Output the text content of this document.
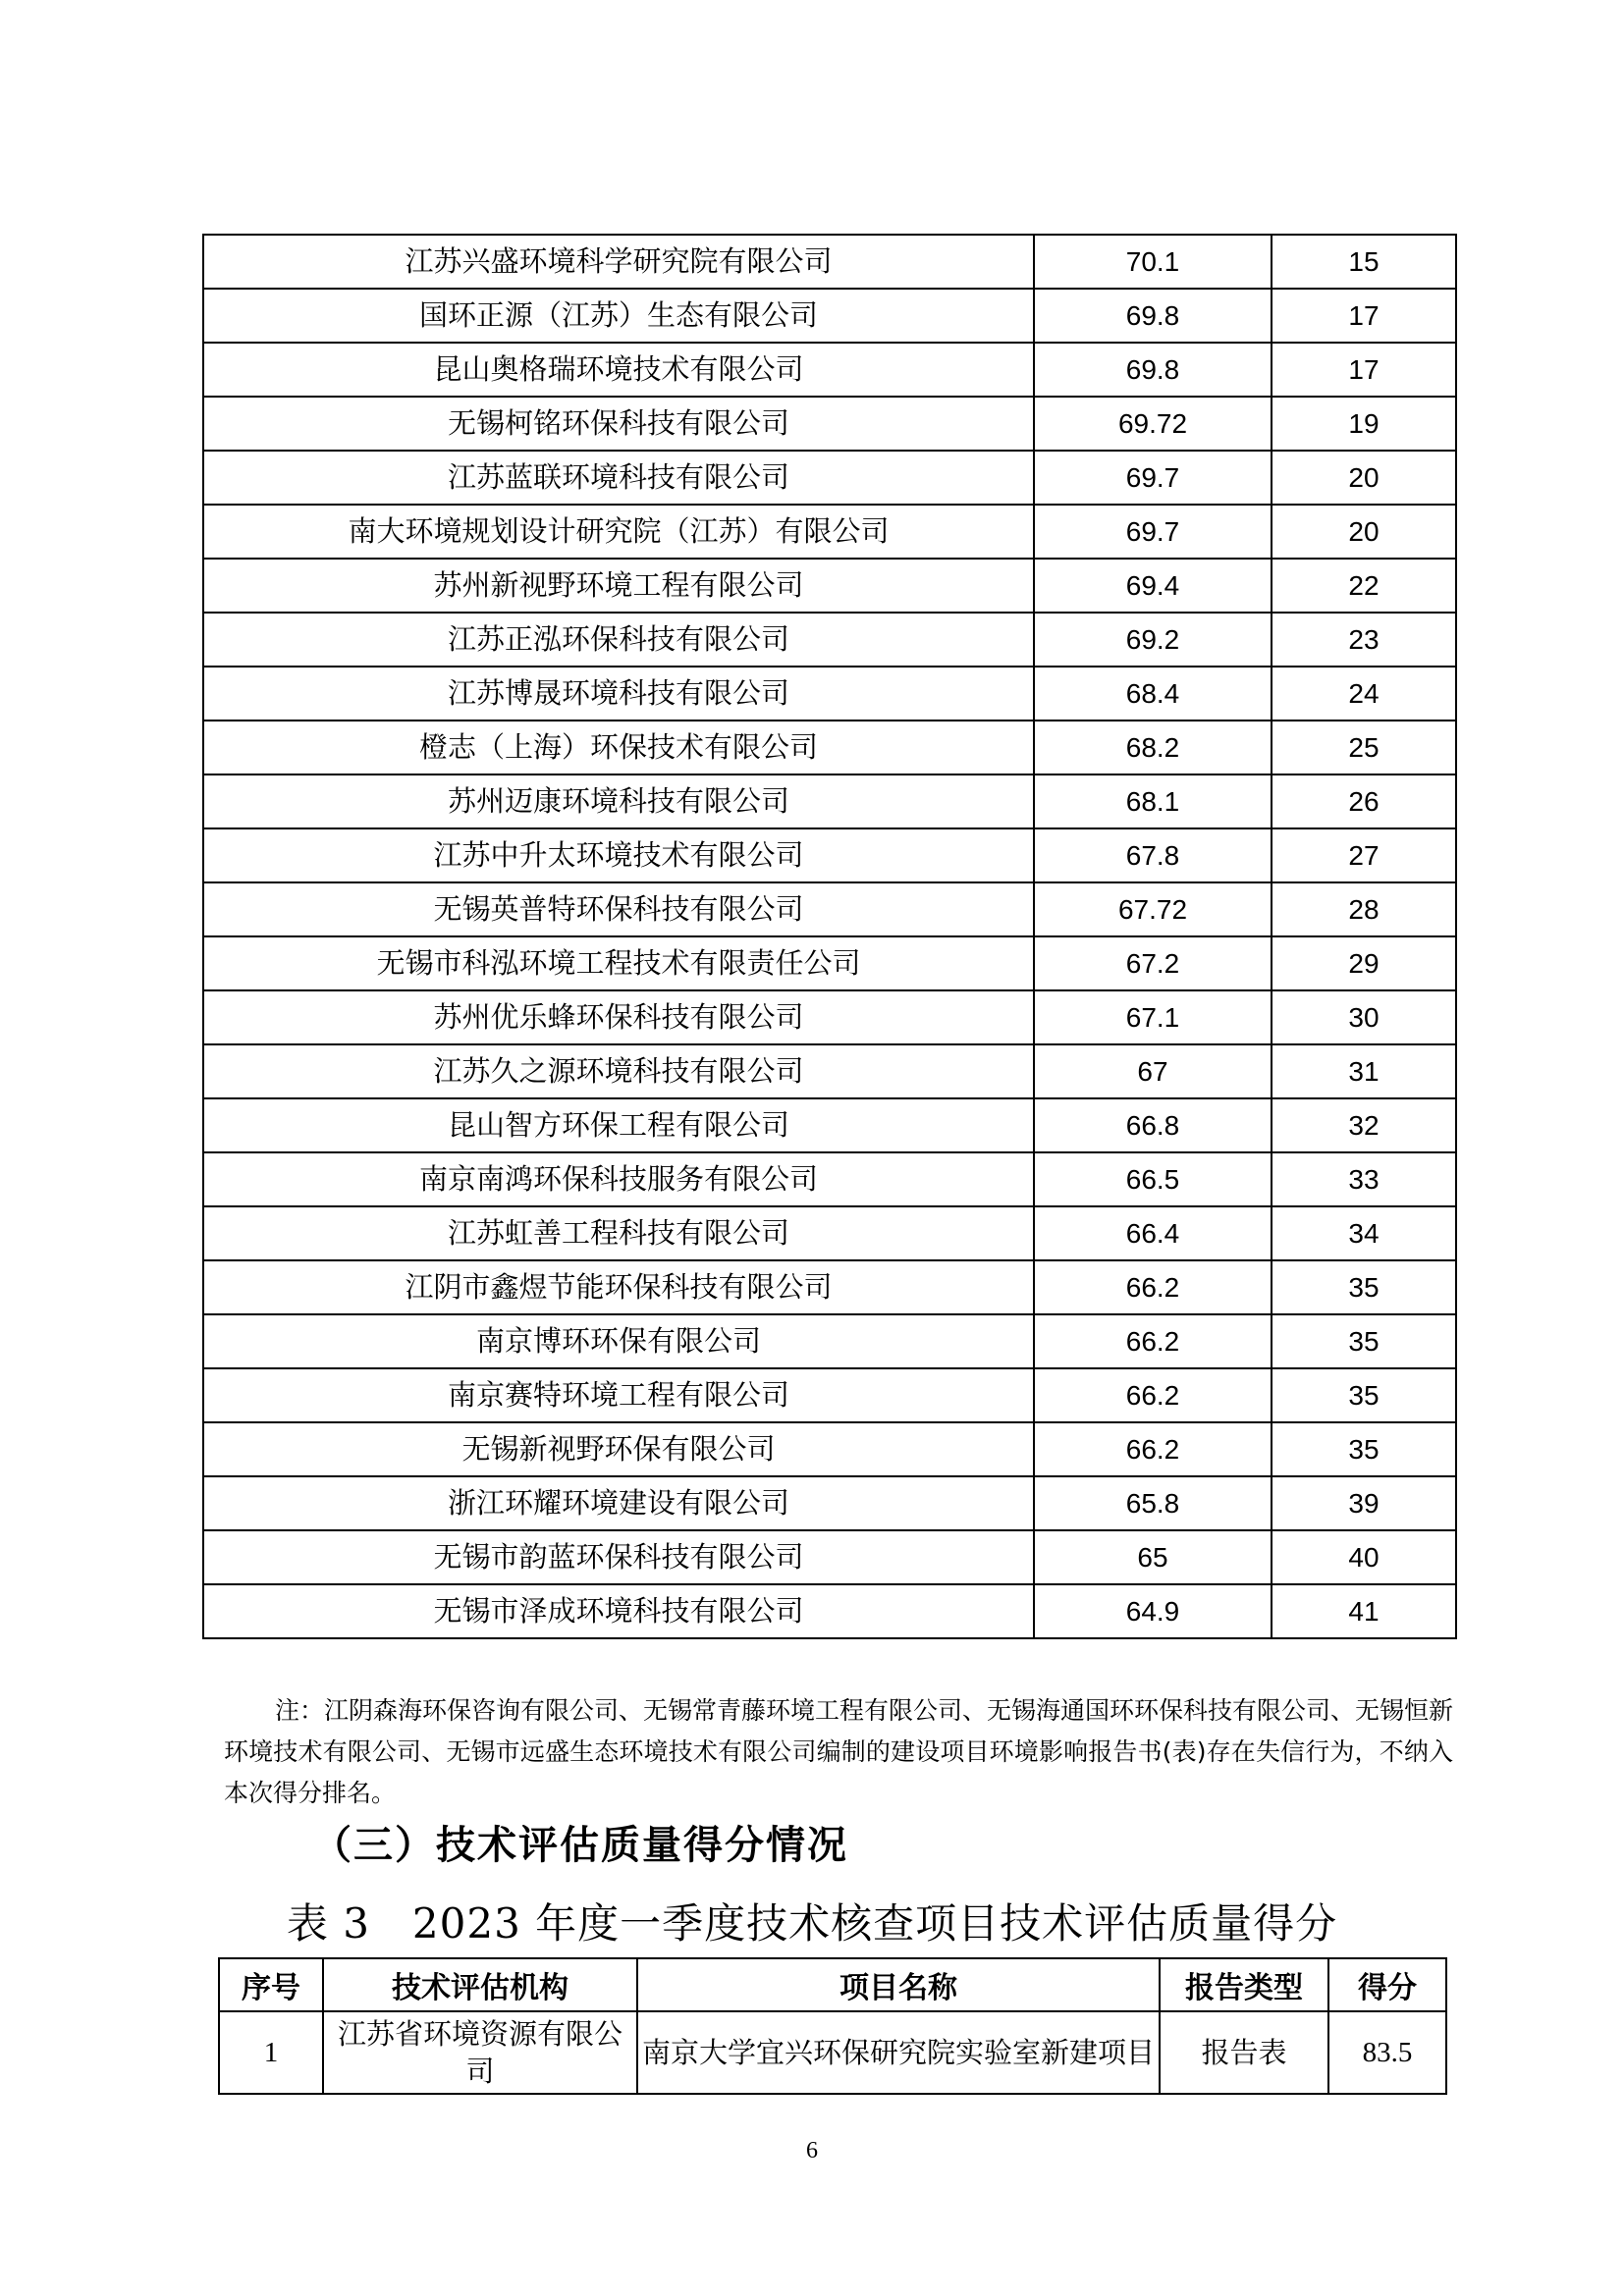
江苏兴盛环境科学研究院有限公司	70.1	15
国环正源（江苏）生态有限公司	69.8	17
昆山奥格瑞环境技术有限公司	69.8	17
无锡柯铭环保科技有限公司	69.72	19
江苏蓝联环境科技有限公司	69.7	20
南大环境规划设计研究院（江苏）有限公司	69.7	20
苏州新视野环境工程有限公司	69.4	22
江苏正泓环保科技有限公司	69.2	23
江苏博晟环境科技有限公司	68.4	24
橙志（上海）环保技术有限公司	68.2	25
苏州迈康环境科技有限公司	68.1	26
江苏中升太环境技术有限公司	67.8	27
无锡英普特环保科技有限公司	67.72	28
无锡市科泓环境工程技术有限责任公司	67.2	29
苏州优乐蜂环保科技有限公司	67.1	30
江苏久之源环境科技有限公司	67	31
昆山智方环保工程有限公司	66.8	32
南京南鸿环保科技服务有限公司	66.5	33
江苏虹善工程科技有限公司	66.4	34
江阴市鑫煜节能环保科技有限公司	66.2	35
南京博环环保有限公司	66.2	35
南京赛特环境工程有限公司	66.2	35
无锡新视野环保有限公司	66.2	35
浙江环耀环境建设有限公司	65.8	39
无锡市韵蓝环保科技有限公司	65	40
无锡市泽成环境科技有限公司	64.9	41
注：江阴森海环保咨询有限公司、无锡常青藤环境工程有限公司、无锡海通国环环保科技有限公司、无锡恒新环境技术有限公司、无锡市远盛生态环境技术有限公司编制的建设项目环境影响报告书(表)存在失信行为，不纳入本次得分排名。
（三）技术评估质量得分情况
表 3　2023 年度一季度技术核查项目技术评估质量得分
序号	技术评估机构	项目名称	报告类型	得分
1	江苏省环境资源有限公司	南京大学宜兴环保研究院实验室新建项目	报告表	83.5
6
